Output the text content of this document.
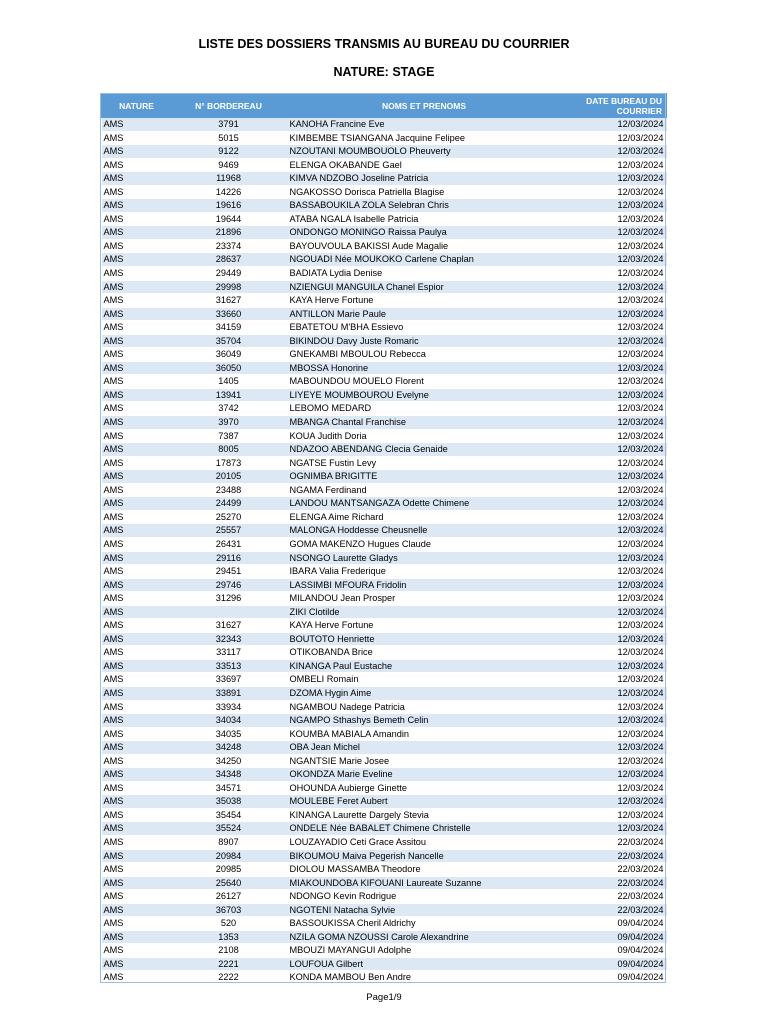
LISTE DES DOSSIERS TRANSMIS AU BUREAU DU COURRIER
NATURE: STAGE
NATURE	N° BORDEREAU	NOMS ET PRENOMS	DATE BUREAU DU COURRIER
AMS	3791	KANOHA Francine Eve	12/03/2024
AMS	5015	KIMBEMBE TSIANGANA Jacquine Felipee	12/03/2024
AMS	9122	NZOUTANI MOUMBOUOLO Pheuverty	12/03/2024
AMS	9469	ELENGA OKABANDE Gael	12/03/2024
AMS	11968	KIMVA NDZOBO Joseline Patricia	12/03/2024
AMS	14226	NGAKOSSO Dorisca Patriella Blagise	12/03/2024
AMS	19616	BASSABOUKILA ZOLA Selebran Chris	12/03/2024
AMS	19644	ATABA NGALA Isabelle Patricia	12/03/2024
AMS	21896	ONDONGO MONINGO Raissa Paulya	12/03/2024
AMS	23374	BAYOUVOULA BAKISSI Aude Magalie	12/03/2024
AMS	28637	NGOUADI Née MOUKOKO Carlene Chaplan	12/03/2024
AMS	29449	BADIATA Lydia Denise	12/03/2024
AMS	29998	NZIENGUI MANGUILA Chanel Espior	12/03/2024
AMS	31627	KAYA Herve Fortune	12/03/2024
AMS	33660	ANTILLON Marie Paule	12/03/2024
AMS	34159	EBATETOU M'BHA Essievo	12/03/2024
AMS	35704	BIKINDOU Davy Juste Romaric	12/03/2024
AMS	36049	GNEKAMBI MBOULOU Rebecca	12/03/2024
AMS	36050	MBOSSA Honorine	12/03/2024
AMS	1405	MABOUNDOU MOUELO Florent	12/03/2024
AMS	13941	LIYEYE MOUMBOUROU Evelyne	12/03/2024
AMS	3742	LEBOMO MEDARD	12/03/2024
AMS	3970	MBANGA Chantal Franchise	12/03/2024
AMS	7387	KOUA Judith Doria	12/03/2024
AMS	8005	NDAZOO ABENDANG Clecia Genaide	12/03/2024
AMS	17873	NGATSE Fustin Levy	12/03/2024
AMS	20105	OGNIMBA BRIGITTE	12/03/2024
AMS	23488	NGAMA Ferdinand	12/03/2024
AMS	24499	LANDOU MANTSANGAZA Odette Chimene	12/03/2024
AMS	25270	ELENGA Aime Richard	12/03/2024
AMS	25557	MALONGA Hoddesse Cheusnelle	12/03/2024
AMS	26431	GOMA MAKENZO Hugues Claude	12/03/2024
AMS	29116	NSONGO Laurette Gladys	12/03/2024
AMS	29451	IBARA Valia Frederique	12/03/2024
AMS	29746	LASSIMBI MFOURA Fridolin	12/03/2024
AMS	31296	MILANDOU Jean Prosper	12/03/2024
AMS		ZIKI Clotilde	12/03/2024
AMS	31627	KAYA Herve Fortune	12/03/2024
AMS	32343	BOUTOTO Henriette	12/03/2024
AMS	33117	OTIKOBANDA Brice	12/03/2024
AMS	33513	KINANGA Paul Eustache	12/03/2024
AMS	33697	OMBELI Romain	12/03/2024
AMS	33891	DZOMA Hygin Aime	12/03/2024
AMS	33934	NGAMBOU Nadege Patricia	12/03/2024
AMS	34034	NGAMPO Sthashys Bemeth Celin	12/03/2024
AMS	34035	KOUMBA MABIALA Amandin	12/03/2024
AMS	34248	OBA Jean Michel	12/03/2024
AMS	34250	NGANTSIE Marie Josee	12/03/2024
AMS	34348	OKONDZA Marie Eveline	12/03/2024
AMS	34571	OHOUNDA Aubierge Ginette	12/03/2024
AMS	35038	MOULEBE Feret Aubert	12/03/2024
AMS	35454	KINANGA Laurette Dargely Stevia	12/03/2024
AMS	35524	ONDELE Née BABALET Chimene Christelle	12/03/2024
AMS	8907	LOUZAYADIO Ceti Grace Assitou	22/03/2024
AMS	20984	BIKOUMOU Maiva Pegerish Nancelle	22/03/2024
AMS	20985	DIOLOU MASSAMBA Theodore	22/03/2024
AMS	25640	MIAKOUNDOBA KIFOUANI Laureate Suzanne	22/03/2024
AMS	26127	NDONGO Kevin Rodrigue	22/03/2024
AMS	36703	NGOTENI Natacha Sylvie	22/03/2024
AMS	520	BASSOUKISSA Cheril Aldrichy	09/04/2024
AMS	1353	NZILA GOMA NZOUSSI Carole Alexandrine	09/04/2024
AMS	2108	MBOUZI MAYANGUI Adolphe	09/04/2024
AMS	2221	LOUFOUA Gilbert	09/04/2024
AMS	2222	KONDA MAMBOU Ben Andre	09/04/2024
Page1/9
